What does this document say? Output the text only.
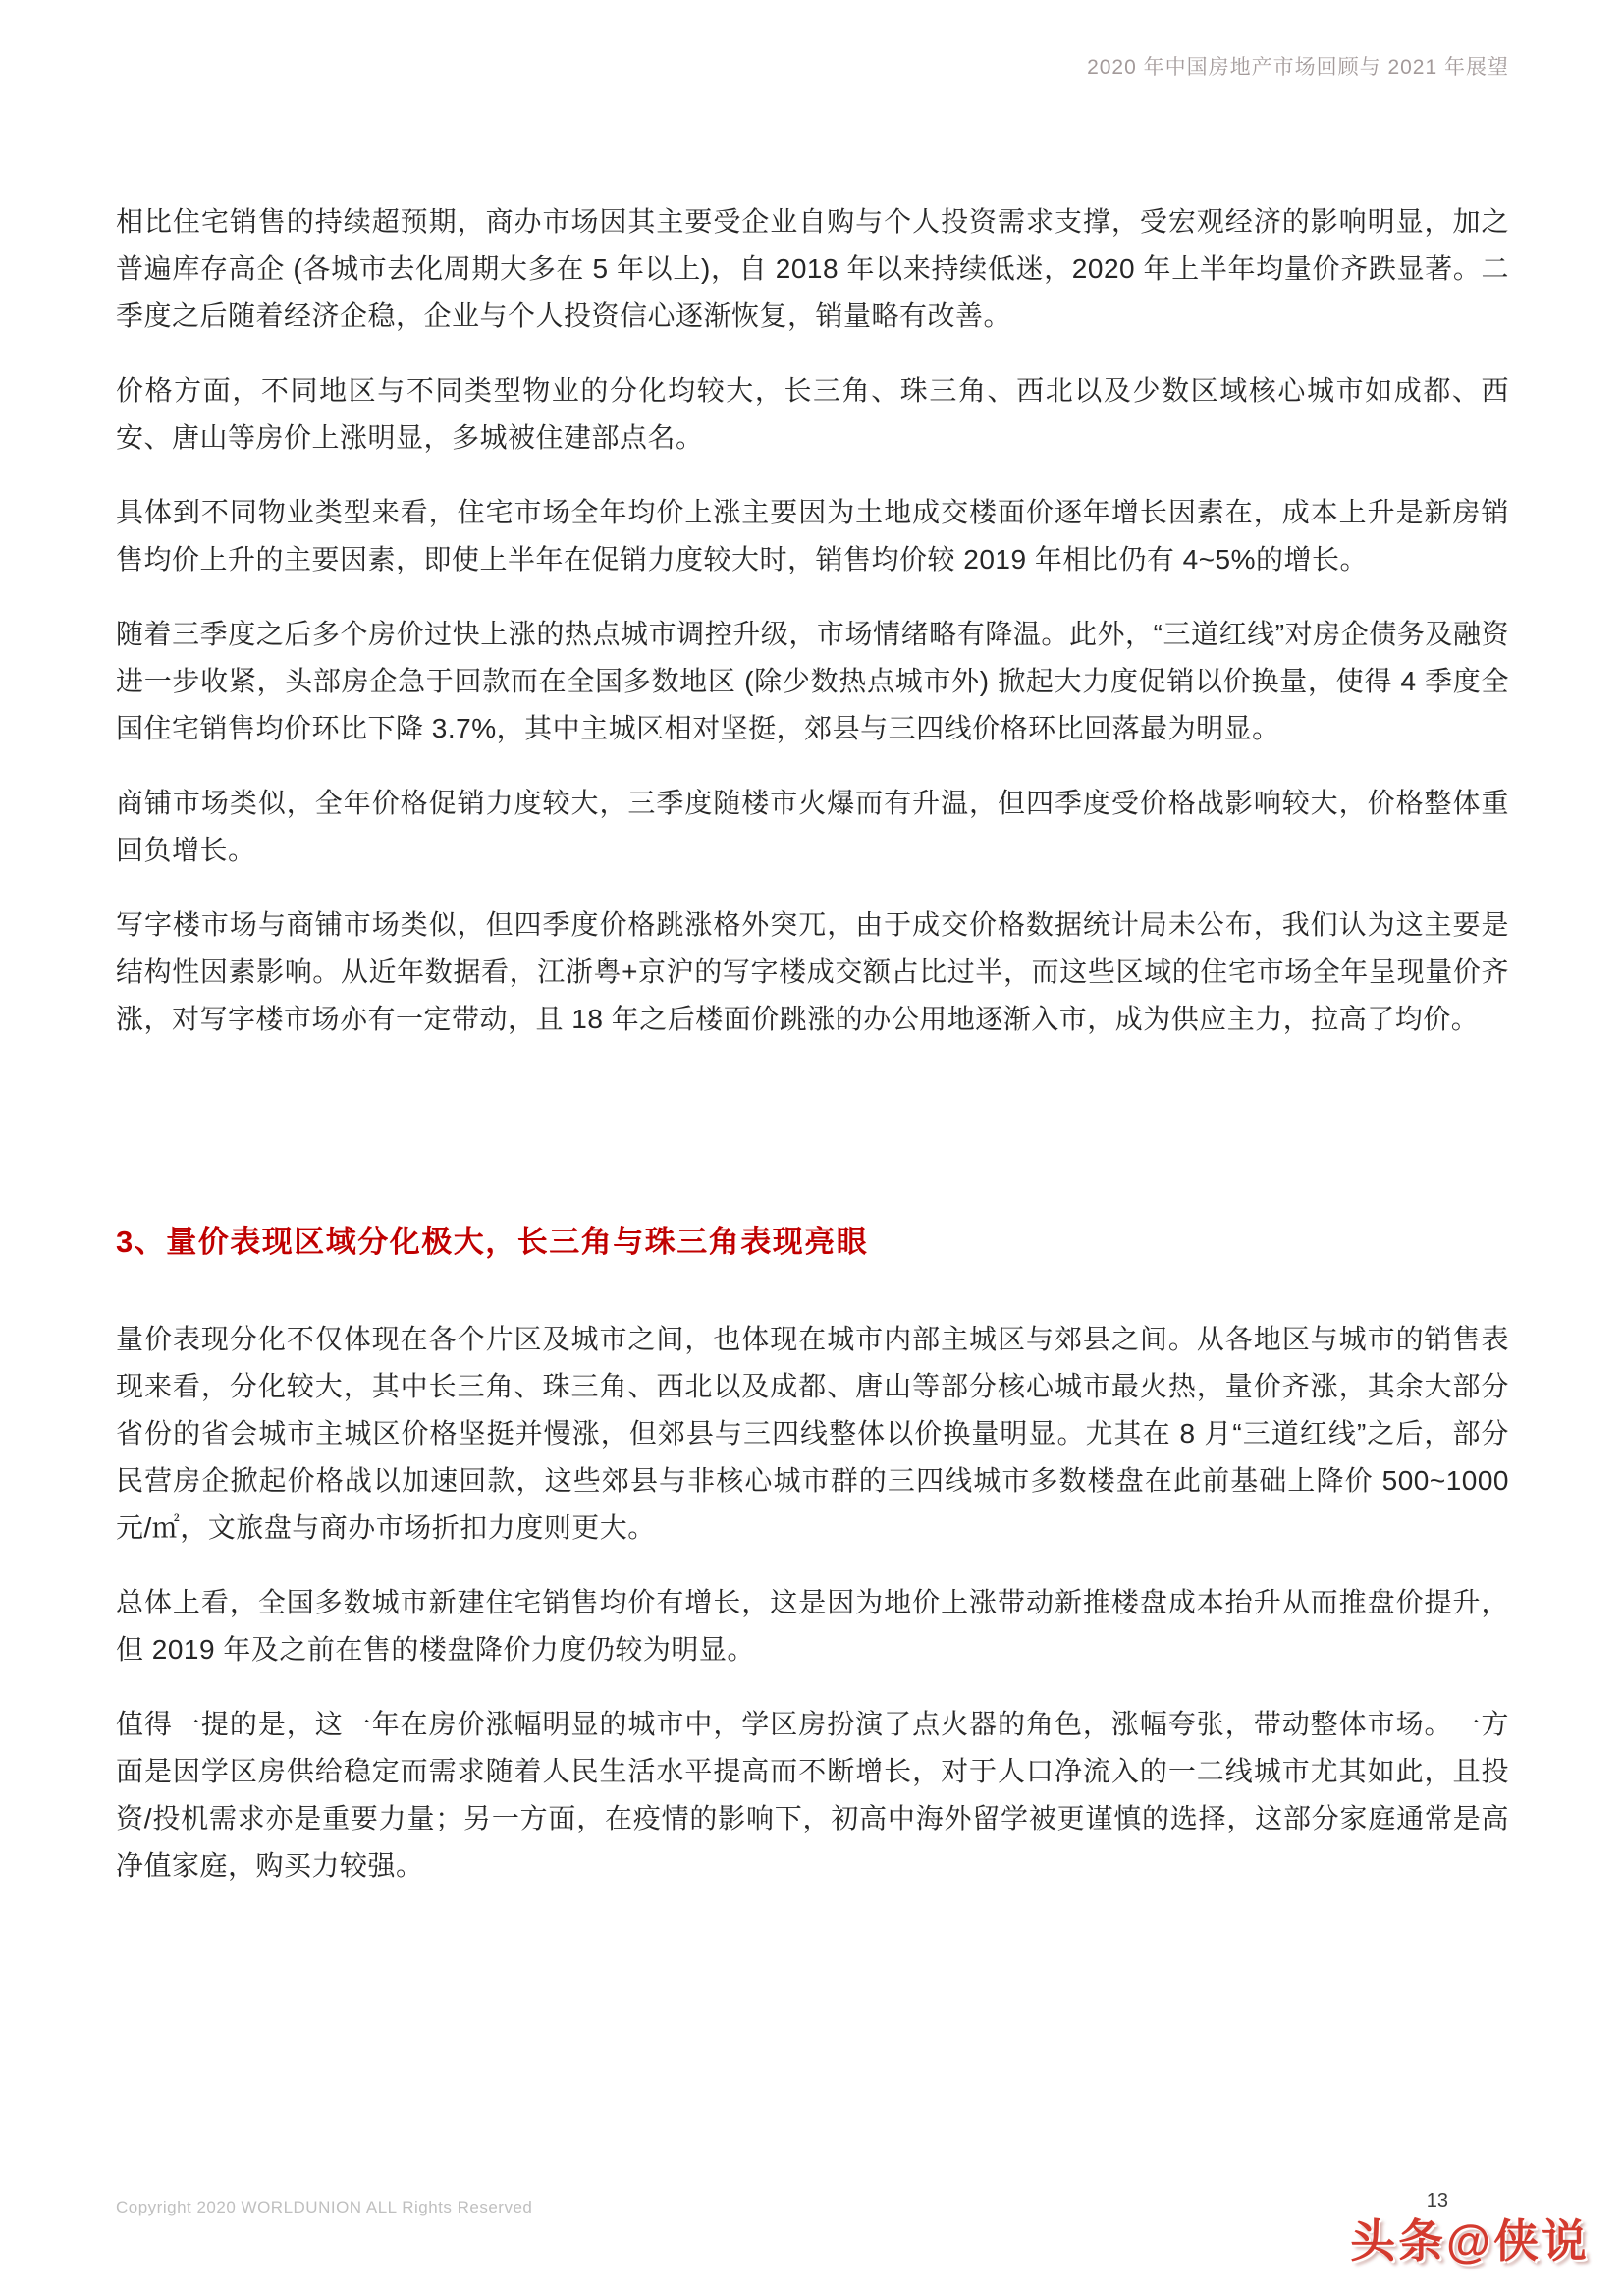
2020 年中国房地产市场回顾与 2021 年展望

相比住宅销售的持续超预期，商办市场因其主要受企业自购与个人投资需求支撑，受宏观经济的影响明显，加之普遍库存高企 (各城市去化周期大多在 5 年以上)，自 2018 年以来持续低迷，2020 年上半年均量价齐跌显著。二季度之后随着经济企稳，企业与个人投资信心逐渐恢复，销量略有改善。

价格方面，不同地区与不同类型物业的分化均较大，长三角、珠三角、西北以及少数区域核心城市如成都、西安、唐山等房价上涨明显，多城被住建部点名。

具体到不同物业类型来看，住宅市场全年均价上涨主要因为土地成交楼面价逐年增长因素在，成本上升是新房销售均价上升的主要因素，即使上半年在促销力度较大时，销售均价较 2019 年相比仍有 4~5%的增长。

随着三季度之后多个房价过快上涨的热点城市调控升级，市场情绪略有降温。此外，“三道红线”对房企债务及融资进一步收紧，头部房企急于回款而在全国多数地区 (除少数热点城市外) 掀起大力度促销以价换量，使得 4 季度全国住宅销售均价环比下降 3.7%，其中主城区相对坚挺，郊县与三四线价格环比回落最为明显。

商铺市场类似，全年价格促销力度较大，三季度随楼市火爆而有升温，但四季度受价格战影响较大，价格整体重回负增长。

写字楼市场与商铺市场类似，但四季度价格跳涨格外突兀，由于成交价格数据统计局未公布，我们认为这主要是结构性因素影响。从近年数据看，江浙粤+京沪的写字楼成交额占比过半，而这些区域的住宅市场全年呈现量价齐涨，对写字楼市场亦有一定带动，且 18 年之后楼面价跳涨的办公用地逐渐入市，成为供应主力，拉高了均价。

3、量价表现区域分化极大，长三角与珠三角表现亮眼

量价表现分化不仅体现在各个片区及城市之间，也体现在城市内部主城区与郊县之间。从各地区与城市的销售表现来看，分化较大，其中长三角、珠三角、西北以及成都、唐山等部分核心城市最火热，量价齐涨，其余大部分省份的省会城市主城区价格坚挺并慢涨，但郊县与三四线整体以价换量明显。尤其在 8 月“三道红线”之后，部分民营房企掀起价格战以加速回款，这些郊县与非核心城市群的三四线城市多数楼盘在此前基础上降价 500~1000 元/㎡，文旅盘与商办市场折扣力度则更大。

总体上看，全国多数城市新建住宅销售均价有增长，这是因为地价上涨带动新推楼盘成本抬升从而推盘价提升，但 2019 年及之前在售的楼盘降价力度仍较为明显。

值得一提的是，这一年在房价涨幅明显的城市中，学区房扮演了点火器的角色，涨幅夸张，带动整体市场。一方面是因学区房供给稳定而需求随着人民生活水平提高而不断增长，对于人口净流入的一二线城市尤其如此，且投资/投机需求亦是重要力量；另一方面，在疫情的影响下，初高中海外留学被更谨慎的选择，这部分家庭通常是高净值家庭，购买力较强。

Copyright 2020 WORLDUNION ALL Rights Reserved	13
头条@侠说
